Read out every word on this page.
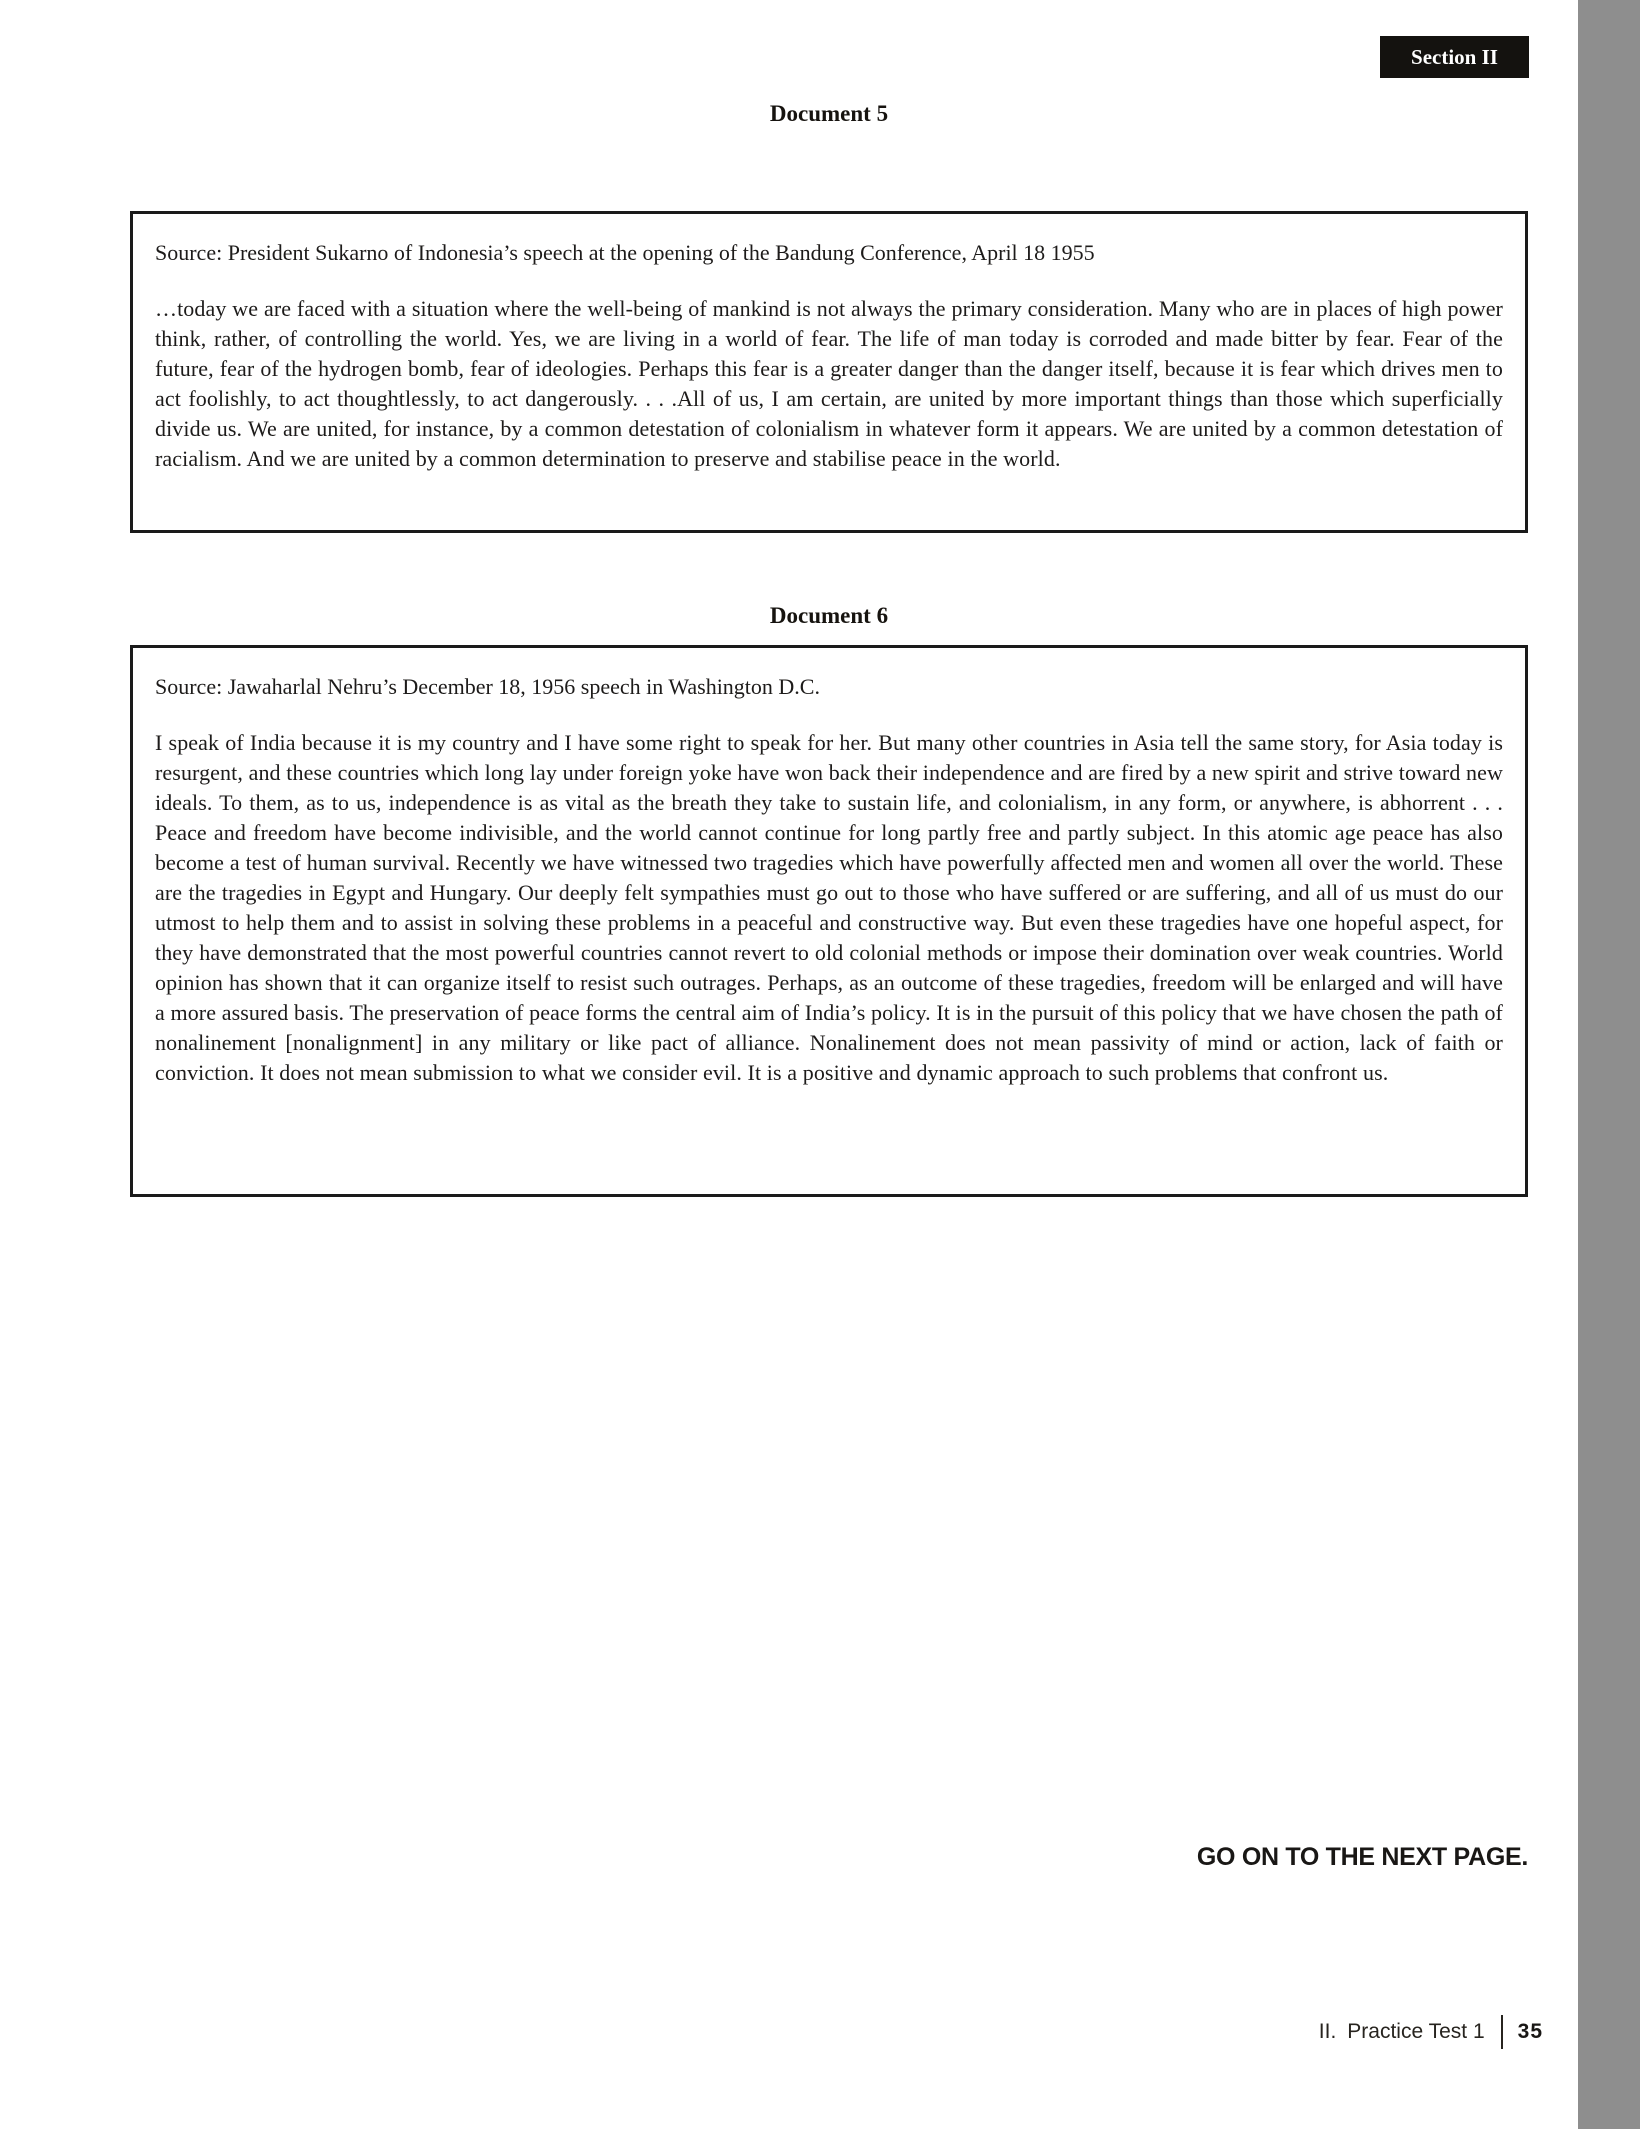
Section II
Document 5
Source: President Sukarno of Indonesia’s speech at the opening of the Bandung Conference, April 18 1955
…today we are faced with a situation where the well-being of mankind is not always the primary consideration. Many who are in places of high power think, rather, of controlling the world. Yes, we are living in a world of fear. The life of man today is corroded and made bitter by fear. Fear of the future, fear of the hydrogen bomb, fear of ideologies. Perhaps this fear is a greater danger than the danger itself, because it is fear which drives men to act foolishly, to act thoughtlessly, to act dangerously. . . .All of us, I am certain, are united by more important things than those which superficially divide us. We are united, for instance, by a common detestation of colonialism in whatever form it appears. We are united by a common detestation of racialism. And we are united by a common determination to preserve and stabilise peace in the world.
Document 6
Source: Jawaharlal Nehru’s December 18, 1956 speech in Washington D.C.
I speak of India because it is my country and I have some right to speak for her. But many other countries in Asia tell the same story, for Asia today is resurgent, and these countries which long lay under foreign yoke have won back their independence and are fired by a new spirit and strive toward new ideals. To them, as to us, independence is as vital as the breath they take to sustain life, and colonialism, in any form, or anywhere, is abhorrent . . . Peace and freedom have become indivisible, and the world cannot continue for long partly free and partly subject. In this atomic age peace has also become a test of human survival. Recently we have witnessed two tragedies which have powerfully affected men and women all over the world. These are the tragedies in Egypt and Hungary. Our deeply felt sympathies must go out to those who have suffered or are suffering, and all of us must do our utmost to help them and to assist in solving these problems in a peaceful and constructive way. But even these tragedies have one hopeful aspect, for they have demonstrated that the most powerful countries cannot revert to old colonial methods or impose their domination over weak countries. World opinion has shown that it can organize itself to resist such outrages. Perhaps, as an outcome of these tragedies, freedom will be enlarged and will have a more assured basis. The preservation of peace forms the central aim of India’s policy. It is in the pursuit of this policy that we have chosen the path of nonalinement [nonalignment] in any military or like pact of alliance. Nonalinement does not mean passivity of mind or action, lack of faith or conviction. It does not mean submission to what we consider evil. It is a positive and dynamic approach to such problems that confront us.
GO ON TO THE NEXT PAGE.
II. Practice Test 1 35
